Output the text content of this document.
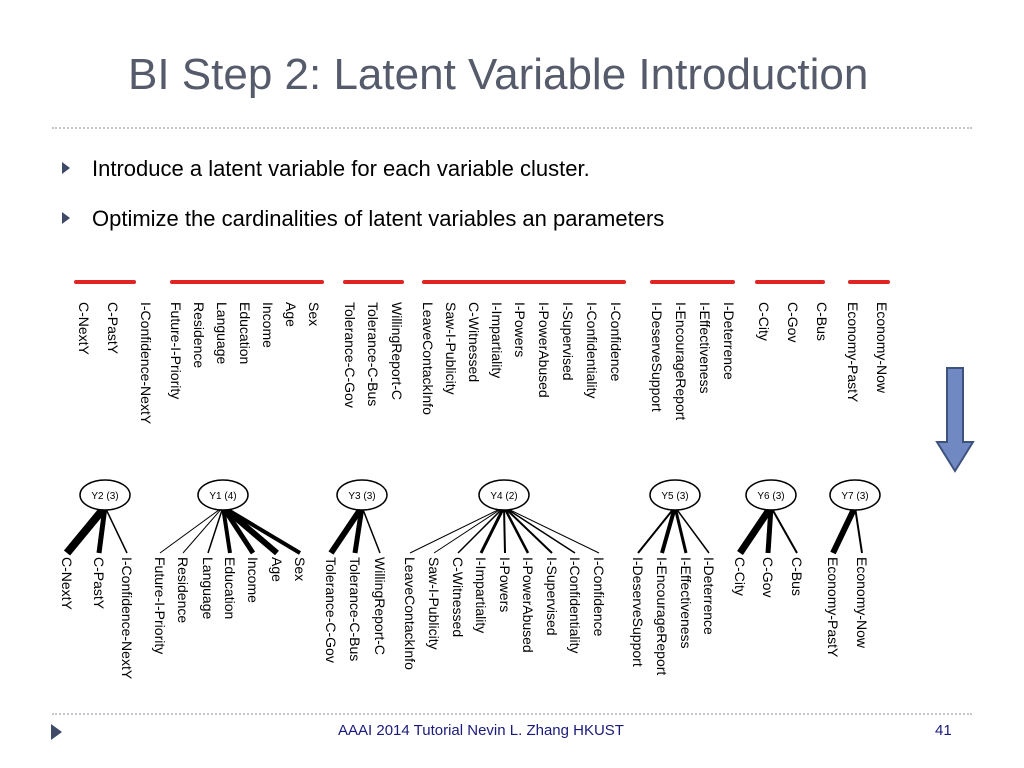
BI Step 2: Latent Variable Introduction
Introduce a latent variable for each variable cluster.
Optimize the cardinalities of latent variables an parameters
C-NextY C-PastY I-Confidence-NextY Future-I-Priority Residence Language Education Income Age Sex Tolerance-C-Gov Tolerance-C-Bus WillingReport-C LeaveContackInfo Saw-I-Publicity C-Witnessed I-Impartiality I-Powers I-PowerAbused I-Supervised I-Confidentiality I-Confidence I-DeserveSupport I-EncourageReport I-Effectiveness I-Deterrence C-City C-Gov C-Bus Economy-PastY Economy-Now
C-NextY C-PastY I-Confidence-NextY
Y2 (3)
Future-I-Priority Residence Language Education Income Age Sex
Y1 (4)
Tolerance-C-Gov Tolerance-C-Bus WillingReport-C
Y3 (3)
LeaveContackInfo Saw-I-Publicity C-Witnessed I-Impartiality I-Powers I-PowerAbused I-Supervised I-Confidentiality I-Confidence
Y4 (2)
I-DeserveSupport I-EncourageReport I-Effectiveness I-Deterrence
Y5 (3)
C-City C-Gov C-Bus
Y6 (3)
Economy-PastY Economy-Now
Y7 (3)
AAAI 2014 Tutorial Nevin L. Zhang HKUST	41
